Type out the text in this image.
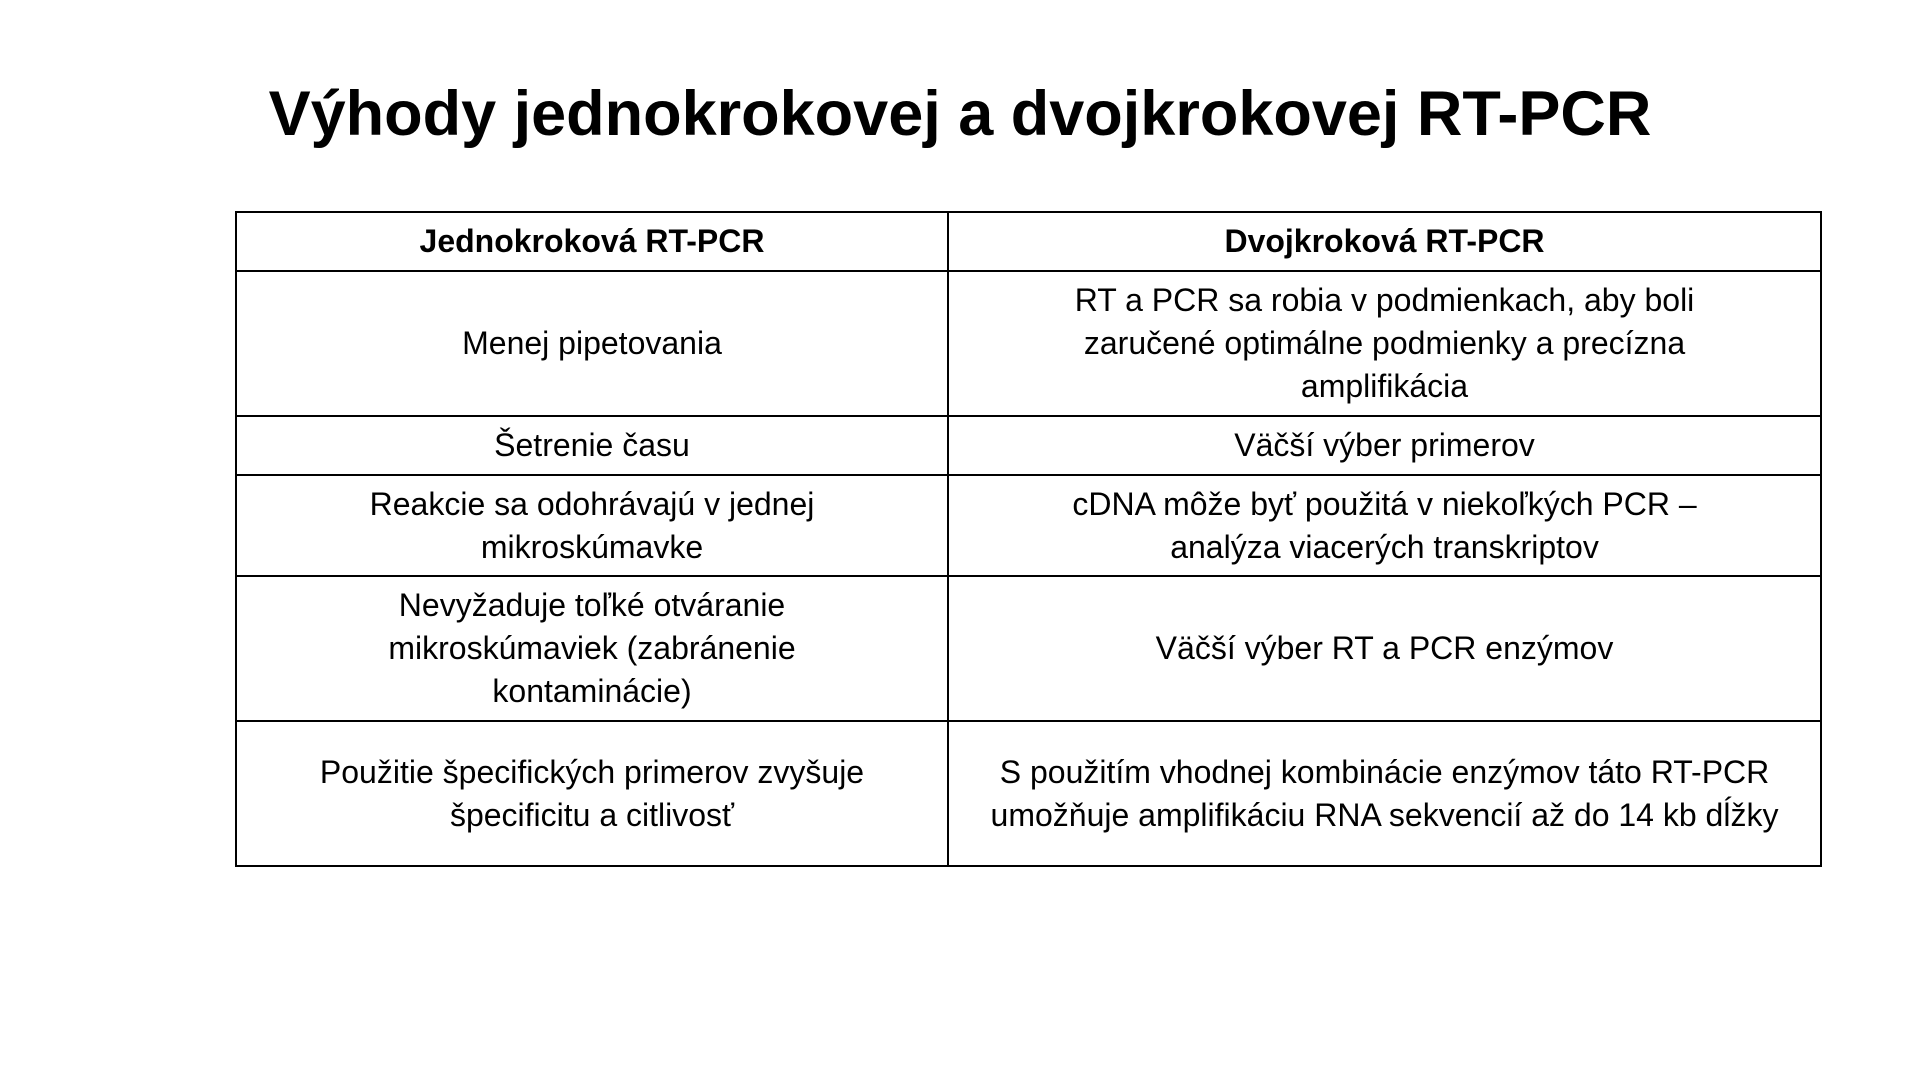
Výhody jednokrokovej a dvojkrokovej RT-PCR
Jednokroková RT-PCR	Dvojkroková RT-PCR

Menej pipetovania	RT a PCR sa robia v podmienkach, aby boli zaručené optimálne podmienky a precízna amplifikácia

Šetrenie času	Väčší výber primerov

Reakcie sa odohrávajú v jednej mikroskúmavke	cDNA môže byť použitá v niekoľkých PCR – analýza viacerých transkriptov

Nevyžaduje toľké otváranie mikroskúmaviek (zabránenie kontaminácie)	Väčší výber RT a PCR enzýmov

Použitie špecifických primerov zvyšuje špecificitu a citlivosť	S použitím vhodnej kombinácie enzýmov táto RT-PCR umožňuje amplifikáciu RNA sekvencií až do 14 kb dĺžky
